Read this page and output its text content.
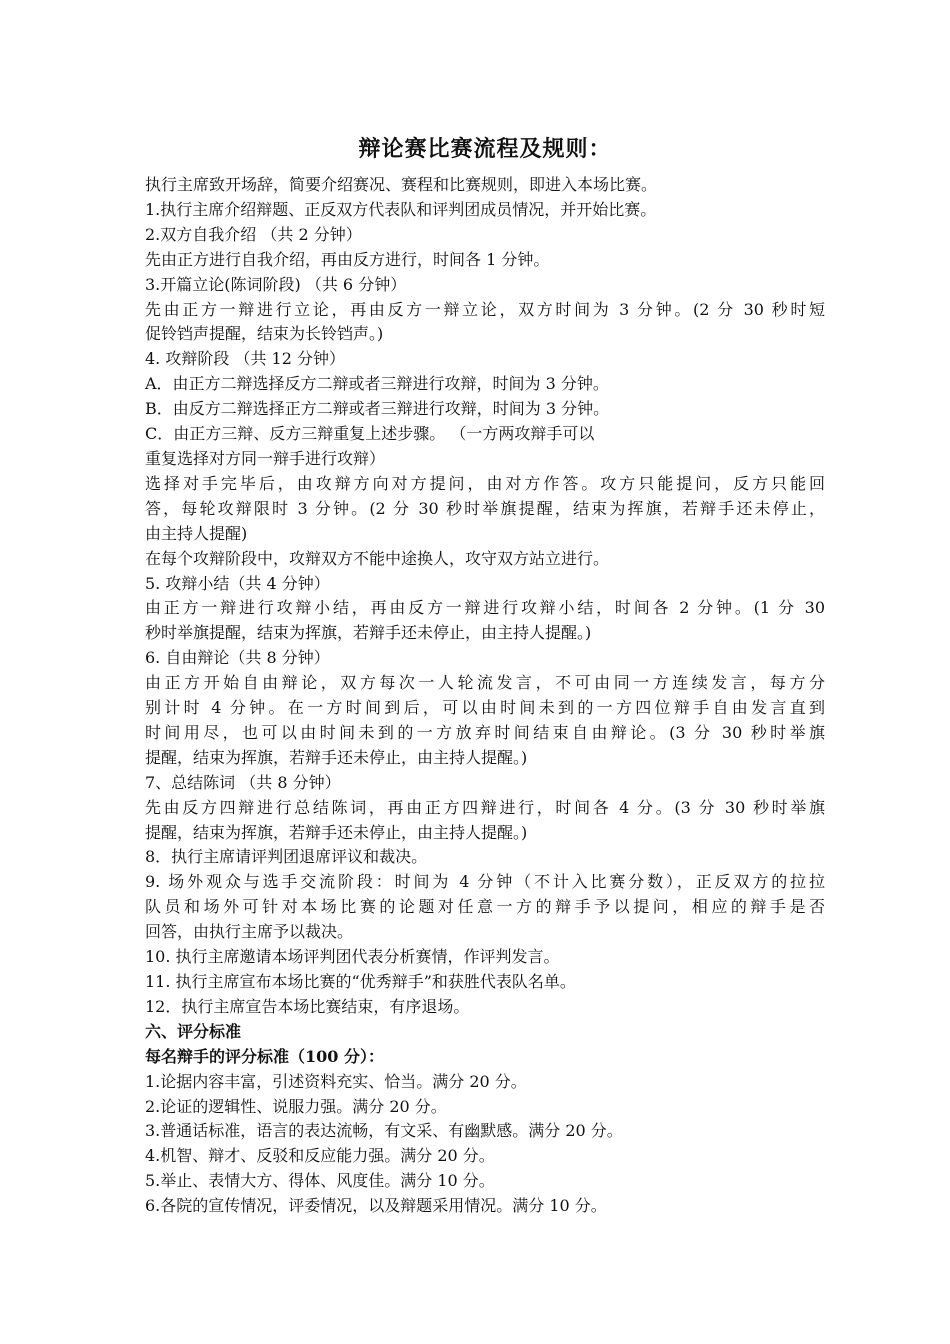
辩论赛比赛流程及规则：

执行主席致开场辞，简要介绍赛况、赛程和比赛规则，即进入本场比赛。

1.执行主席介绍辩题、正反双方代表队和评判团成员情况，并开始比赛。

2.双方自我介绍 （共 2 分钟）

先由正方进行自我介绍，再由反方进行，时间各 1 分钟。

3.开篇立论(陈词阶段) （共 6 分钟）

先由正方一辩进行立论，再由反方一辩立论，双方时间为 3 分钟。(2 分 30 秒时短

促铃铛声提醒，结束为长铃铛声。)

4. 攻辩阶段 （共 12 分钟）

A．由正方二辩选择反方二辩或者三辩进行攻辩，时间为 3 分钟。

B．由反方二辩选择正方二辩或者三辩进行攻辩，时间为 3 分钟。

C．由正方三辩、反方三辩重复上述步骤。 （一方两攻辩手可以

重复选择对方同一辩手进行攻辩）

选择对手完毕后，由攻辩方向对方提问，由对方作答。攻方只能提问，反方只能回

答，每轮攻辩限时 3 分钟。(2 分 30 秒时举旗提醒，结束为挥旗，若辩手还未停止，

由主持人提醒)

在每个攻辩阶段中，攻辩双方不能中途换人，攻守双方站立进行。

5. 攻辩小结（共 4 分钟）

由正方一辩进行攻辩小结，再由反方一辩进行攻辩小结，时间各 2 分钟。(1 分 30

秒时举旗提醒，结束为挥旗，若辩手还未停止，由主持人提醒。)

6. 自由辩论（共 8 分钟）

由正方开始自由辩论，双方每次一人轮流发言，不可由同一方连续发言，每方分

别计时 4 分钟。在一方时间到后，可以由时间未到的一方四位辩手自由发言直到

时间用尽，也可以由时间未到的一方放弃时间结束自由辩论。(3 分 30 秒时举旗

提醒，结束为挥旗，若辩手还未停止，由主持人提醒。)

7、总结陈词 （共 8 分钟）

先由反方四辩进行总结陈词，再由正方四辩进行，时间各 4 分。(3 分 30 秒时举旗

提醒，结束为挥旗，若辩手还未停止，由主持人提醒。)

8．执行主席请评判团退席评议和裁决。

9. 场外观众与选手交流阶段：时间为 4 分钟（不计入比赛分数），正反双方的拉拉

队员和场外可针对本场比赛的论题对任意一方的辩手予以提问，相应的辩手是否

回答，由执行主席予以裁决。

10. 执行主席邀请本场评判团代表分析赛情，作评判发言。

11. 执行主席宣布本场比赛的“优秀辩手”和获胜代表队名单。

12．执行主席宣告本场比赛结束，有序退场。

六、评分标准

每名辩手的评分标准（100 分）：

1.论据内容丰富，引述资料充实、恰当。满分 20 分。

2.论证的逻辑性、说服力强。满分 20 分。

3.普通话标准，语言的表达流畅，有文采、有幽默感。满分 20 分。

4.机智、辩才、反驳和反应能力强。满分 20 分。

5.举止、表情大方、得体、风度佳。满分 10 分。

6.各院的宣传情况，评委情况，以及辩题采用情况。满分 10 分。
